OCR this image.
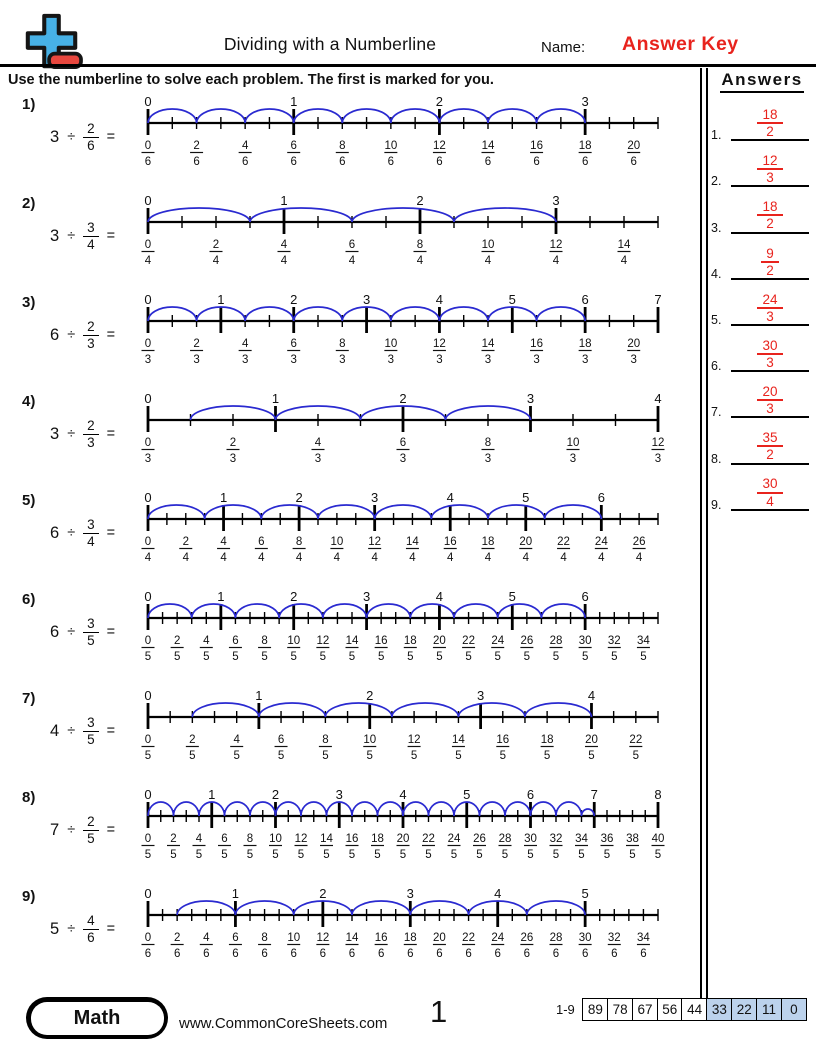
Dividing with a Numberline	Name: Answer Key
Use the numberline to solve each problem. The first is marked for you.
1)
$3 \div \frac{2}{6}$ =
0
0
6
2
6
4
6
1
6
6
8
6
10
6
2
12
6
14
6
16
6
3
18
6
20
6
2)
$3 \div \frac{3}{4}$ =
0
0
4
2
4
1
4
4
6
4
2
8
4
10
4
3
12
4
14
4
3)
$6 \div \frac{2}{3}$ =
0
0
3
2
3
1
4
3
2
6
3
8
3
3
10
3
4
12
3
14
3
5
16
3
6
18
3
20
3
7
4)
$3 \div \frac{2}{3}$ =
0
0
3
2
3
1
4
3
2
6
3
8
3
3
10
3
4
12
3
5)
$6 \div \frac{3}{4}$ =
0
0
4
2
4
1
4
4
6
4
2
8
4
10
4
3
12
4
14
4
4
16
4
18
4
5
20
4
22
4
6
24
4
26
4
6)
$6 \div \frac{3}{5}$ =
0
0
5
2
5
4
5
1
6
5
8
5
2
10
5
12
5
14
5
3
16
5
18
5
4
20
5
22
5
24
5
5
26
5
28
5
6
30
5
32
5
34
5
7)
$4 \div \frac{3}{5}$ =
0
0
5
2
5
4
5
1
6
5
8
5
2
10
5
12
5
14
5
3
16
5
18
5
4
20
5
22
5
8)
$7 \div \frac{2}{5}$ =
0
0
5
2
5
4
5
1
6
5
8
5
2
10
5
12
5
14
5
3
16
5
18
5
4
20
5
22
5
24
5
5
26
5
28
5
6
30
5
32
5
34
5
7
36
5
38
5
8
40
5
9)
$5 \div \frac{4}{6}$ =
0
0
6
2
6
4
6
1
6
6
8
6
10
6
2
12
6
14
6
16
6
3
18
6
20
6
22
6
4
24
6
26
6
28
6
5
30
6
32
6
34
6
Answers
1. $\frac{18}{2}$
2. $\frac{12}{3}$
3. $\frac{18}{2}$
4. $\frac{9}{2}$
5. $\frac{24}{3}$
6. $\frac{30}{3}$
7. $\frac{20}{3}$
8. $\frac{35}{2}$
9. $\frac{30}{4}$
Math	www.CommonCoreSheets.com 1	1-9 89 78 67 56 44 33 22 11	0
